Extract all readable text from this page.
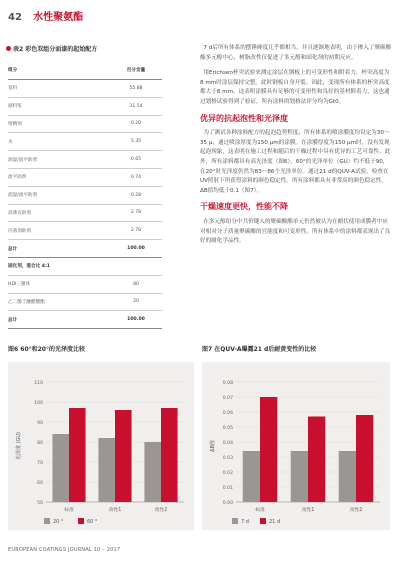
42 水性聚氨酯
表2 彩色双组分面漆的起始配方
组分	百分含量
基料	55.88
颜料浆	31.54
增稠剂	0.20
水	5.35
润湿/流平助剂	0.65
流平助剂	0.74
润湿/流平助剂	0.28
高沸点助剂	2.78
闪蒸剂助剂	2.78
总计	100.00
固化剂，混合比 4:1	
HDI三聚体	80
乙二醇丁醚醋酸酯	20
总计	100.00

7 d后所有体系的摆锤硬度几乎都相当，并且逐渐地表明，由于掺入了聚碳酸酯多元醇中心，树脂改性仅促进了多元醇和固化剂的初期反应。

用Erichsen杯突试验来测定涂层在钢板上的可变形性和附着力，杯突高度为8 mm时涂层保持完整。此时钢板自身开裂。因此，变现所有体系的杯突高度都大于8 mm。这表明涂膜具有足够的可变形性和良好的基材附着力，这也通过划格试验得到了验证，所有涂料的划格法评分均为Gt0。

优异的抗起泡性和光泽度

为了测试各种涂料配方的起泡趋势程度，所有体系的喷涂膜度均设定为30～35 μ，通过喷涂厚度为150 μm的涂膜。在涂膜厚度为150 μm时，没有发现起泡现象，这表明在施工过程和随后的干燥过程中具有优异的工艺可靠性。此外，所有涂料都具有高光泽度（图6），60°的光泽单位（GU）约不低于90，在20°时光泽度仍然为83～86个光泽单位。通过21 d的QUV-A试验，检查在UV照射下所获得涂料的颜色稳定性。所有涂料都具有非常高的颜色稳定性，ΔB值均低于0.1（图7）。

干燥速度更快，性能不降

在多元醇组分中共价键入的聚碳酸酯单元仍然被认为在蜡状使用成膜者中应对相对分子质量聚碳酸的官能度和可变形性。所有体系中的涂料都表现出了良好的耐化学品性。

图6 60°和20°的光泽度比较	图7 在QUV-A曝露21 d后耐黄变性的比较
光泽度 (GU)
20 °	60 °
50
60
70
80
90
100
110
标准	改性1	改性2
ΔB值
7 d	21 d
0.00
0.01
0.02
0.03
0.04
0.05
0.06
0.07
0.08
标准	改性1	改性2
EUROPEAN COATINGS JOURNAL 10 – 2017
